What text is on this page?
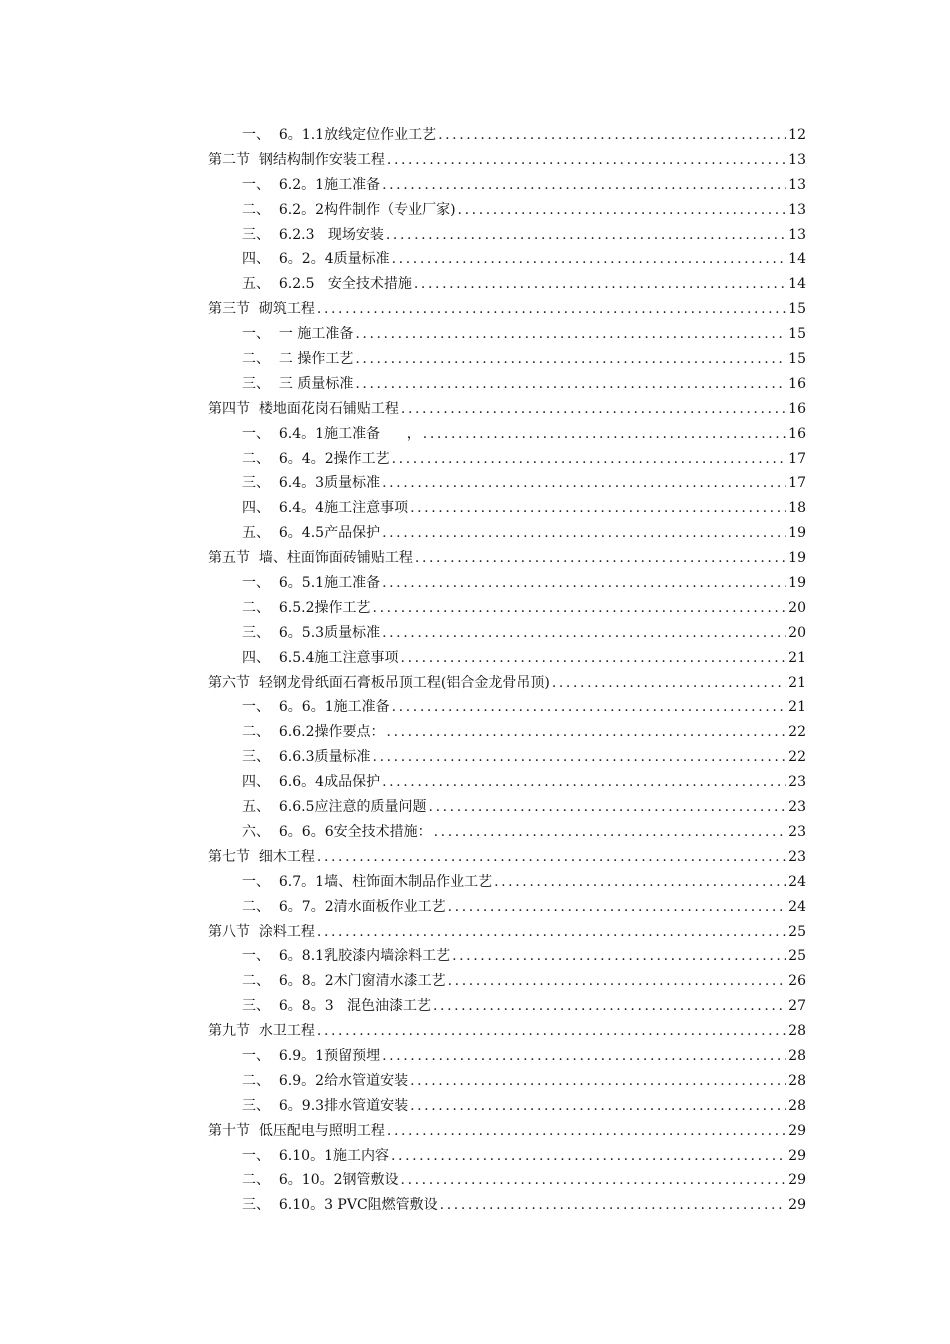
一、  6。1.1放线定位作业工艺 .....	12
第二节  钢结构制作安装工程 .....	13
一、  6.2。1施工准备 .....	13
二、  6.2。2构件制作（专业厂家) .....	13
三、  6.2.3   现场安装 .....	13
四、  6。2。4质量标准 .....	14
五、  6.2.5   安全技术措施 .....	14
第三节  砌筑工程 .....	15
一、  一 施工准备 .....	15
二、  二 操作工艺 .....	15
三、  三 质量标准 .....	16
第四节  楼地面花岗石铺贴工程 .....	16
一、  6.4。1施工准备      ， .....	16
二、  6。4。2操作工艺 .....	17
三、  6.4。3质量标准 .....	17
四、  6.4。4施工注意事项 .....	18
五、  6。4.5产品保护 .....	19
第五节  墙、柱面饰面砖铺贴工程 .....	19
一、  6。5.1施工准备 .....	19
二、  6.5.2操作工艺 .....	20
三、  6。5.3质量标准 .....	20
四、  6.5.4施工注意事项 .....	21
第六节  轻钢龙骨纸面石膏板吊顶工程(铝合金龙骨吊顶) .....	21
一、  6。6。1施工准备 .....	21
二、  6.6.2操作要点： .....	22
三、  6.6.3质量标准 .....	22
四、  6.6。4成品保护 .....	23
五、  6.6.5应注意的质量问题 .....	23
六、  6。6。6安全技术措施： .....	23
第七节  细木工程 .....	23
一、  6.7。1墙、柱饰面木制品作业工艺 .....	24
二、  6。7。2清水面板作业工艺 .....	24
第八节  涂料工程 .....	25
一、  6。8.1乳胶漆内墙涂料工艺 .....	25
二、  6。8。2木门窗清水漆工艺 .....	26
三、  6。8。3   混色油漆工艺 .....	27
第九节  水卫工程 .....	28
一、  6.9。1预留预埋 .....	28
二、  6.9。2给水管道安装 .....	28
三、  6。9.3排水管道安装 .....	28
第十节  低压配电与照明工程 .....	29
一、  6.10。1施工内容 .....	29
二、  6。10。2钢管敷设 .....	29
三、  6.10。3 PVC阻燃管敷设 .....	29
